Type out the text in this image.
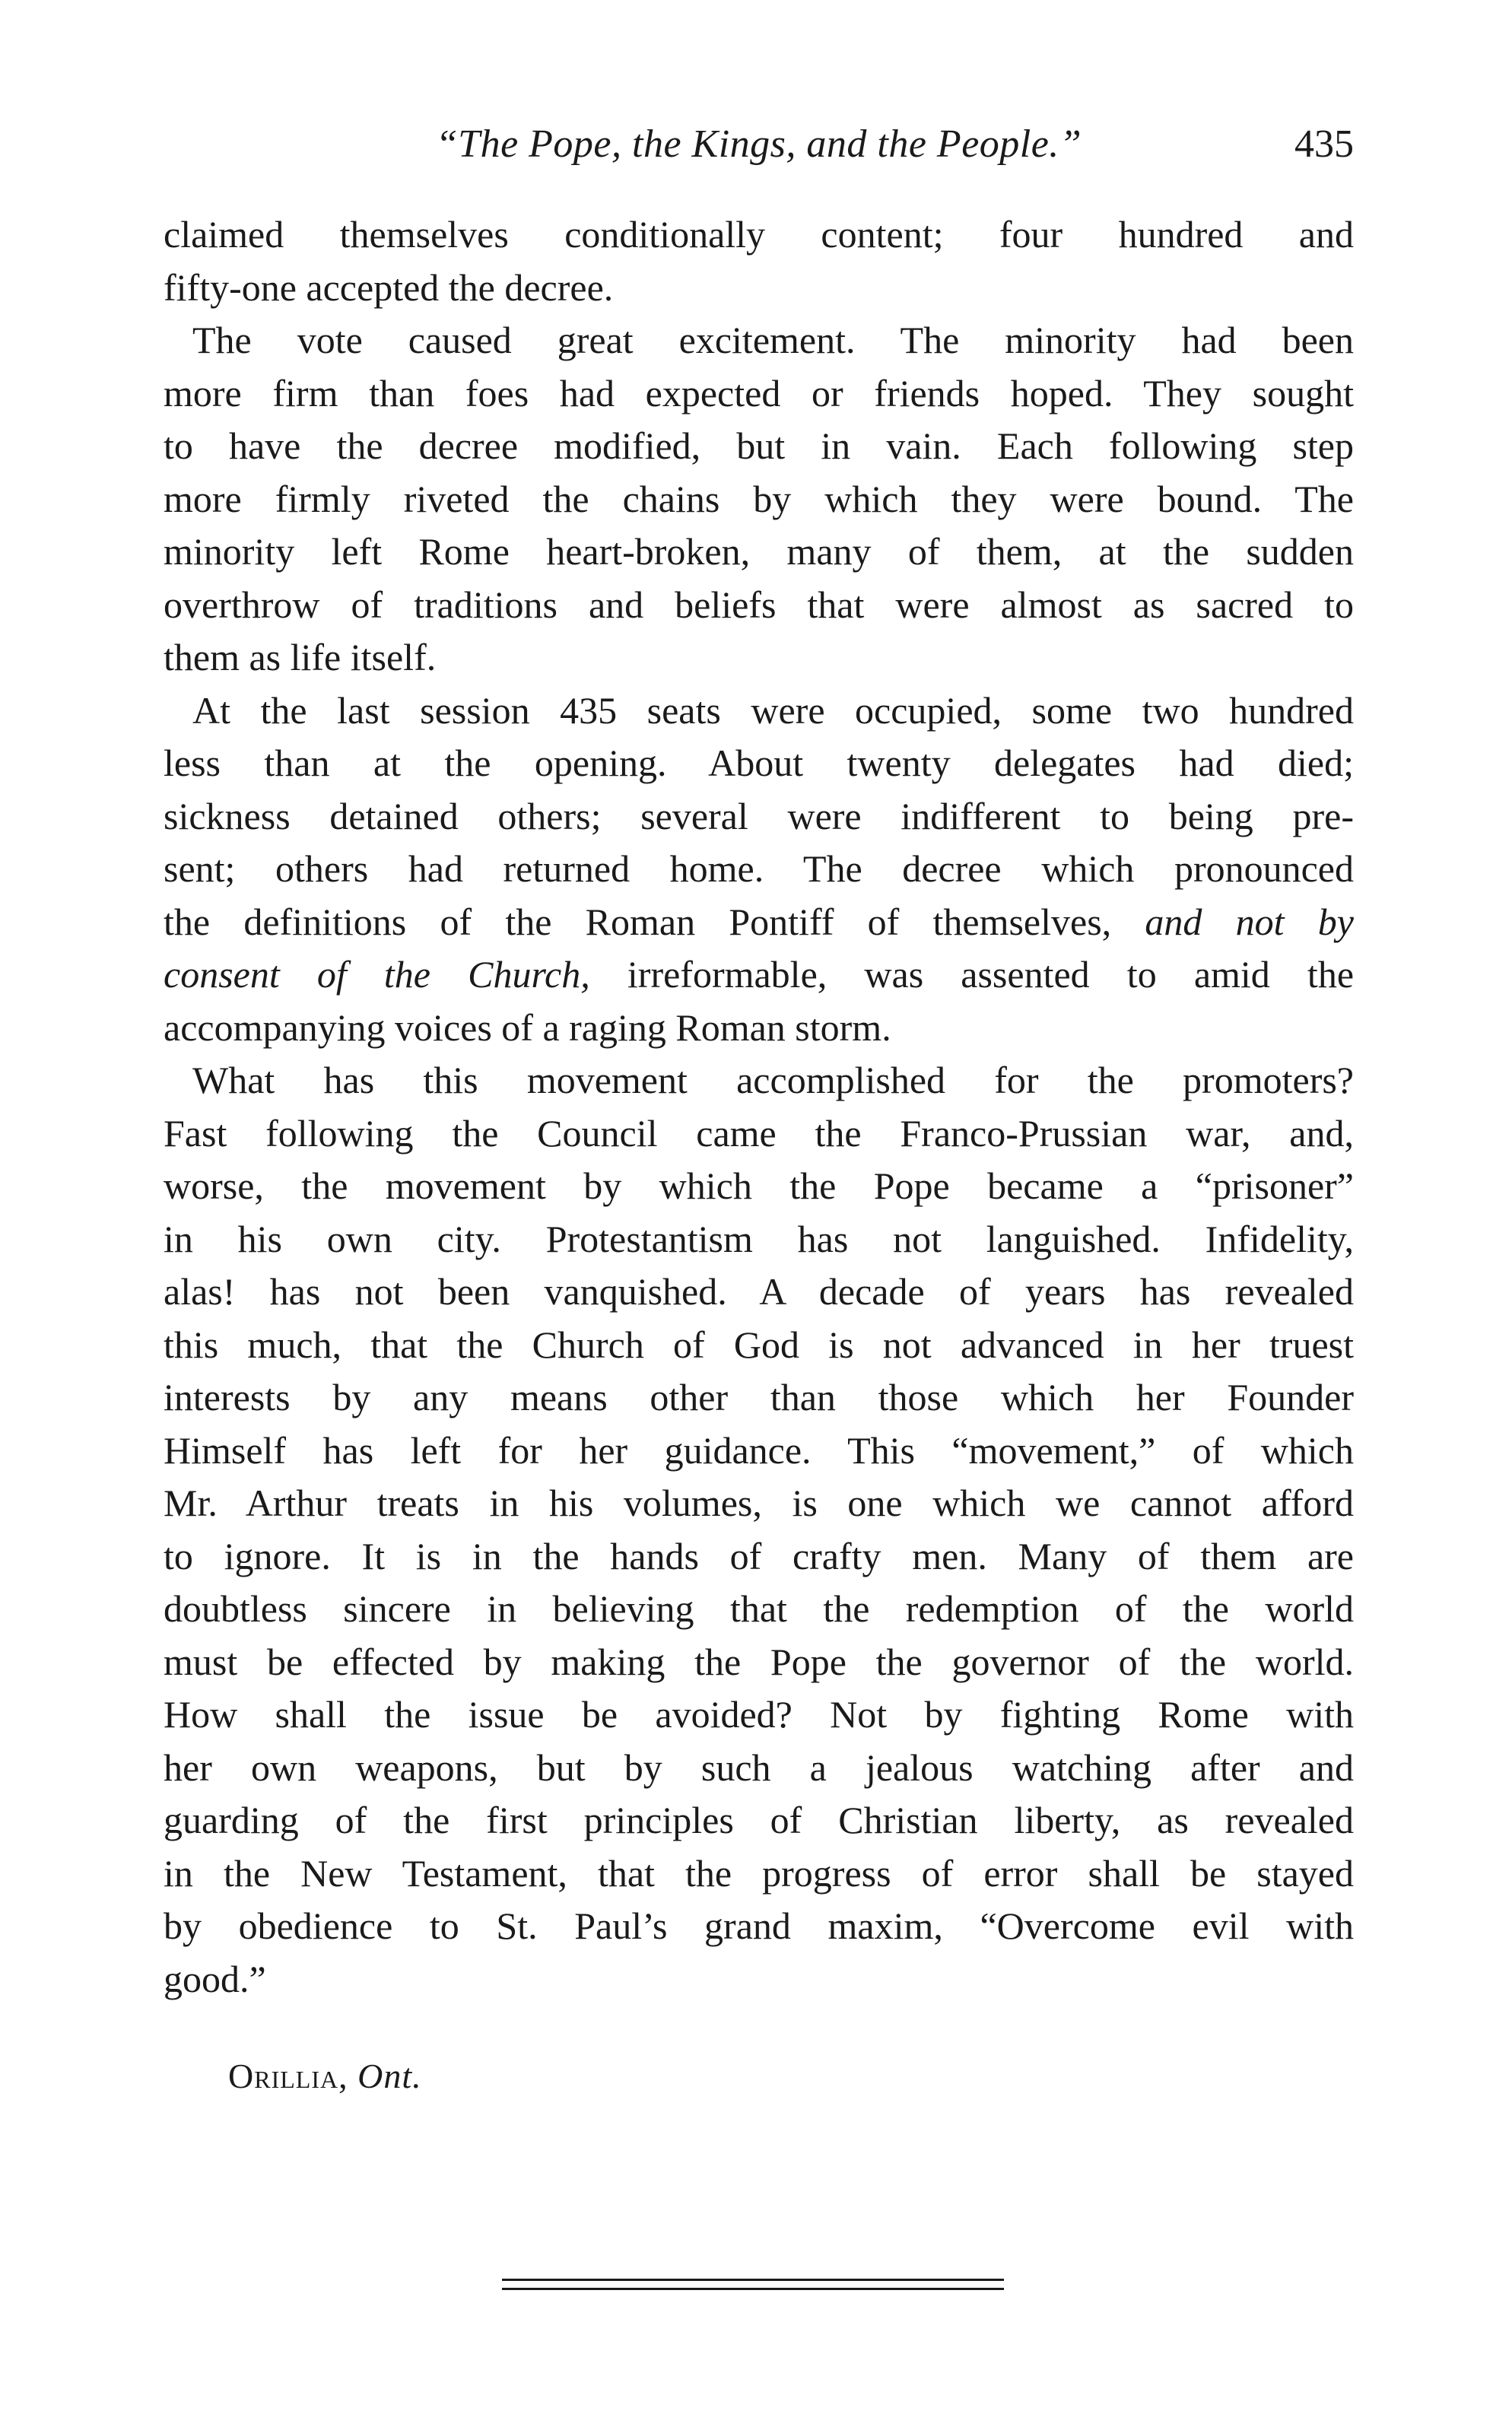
“The Pope, the Kings, and the People.”	435

claimed themselves conditionally content; four hundred and
fifty-one accepted the decree.

The vote caused great excitement. The minority had been
more firm than foes had expected or friends hoped. They sought
to have the decree modified, but in vain. Each following step
more firmly riveted the chains by which they were bound. The
minority left Rome heart-broken, many of them, at the sudden
overthrow of traditions and beliefs that were almost as sacred to
them as life itself.

At the last session 435 seats were occupied, some two hundred
less than at the opening. About twenty delegates had died;
sickness detained others; several were indifferent to being pre-
sent; others had returned home. The decree which pronounced
the definitions of the Roman Pontiff of themselves, and not by
consent of the Church, irreformable, was assented to amid the
accompanying voices of a raging Roman storm.

What has this movement accomplished for the promoters?
Fast following the Council came the Franco-Prussian war, and,
worse, the movement by which the Pope became a “prisoner”
in his own city. Protestantism has not languished. Infidelity,
alas! has not been vanquished. A decade of years has revealed
this much, that the Church of God is not advanced in her truest
interests by any means other than those which her Founder
Himself has left for her guidance. This “movement,” of which
Mr. Arthur treats in his volumes, is one which we cannot afford
to ignore. It is in the hands of crafty men. Many of them are
doubtless sincere in believing that the redemption of the world
must be effected by making the Pope the governor of the world.
How shall the issue be avoided? Not by fighting Rome with
her own weapons, but by such a jealous watching after and
guarding of the first principles of Christian liberty, as revealed
in the New Testament, that the progress of error shall be stayed
by obedience to St. Paul’s grand maxim, “Overcome evil with
good.”

Orillia, Ont.
